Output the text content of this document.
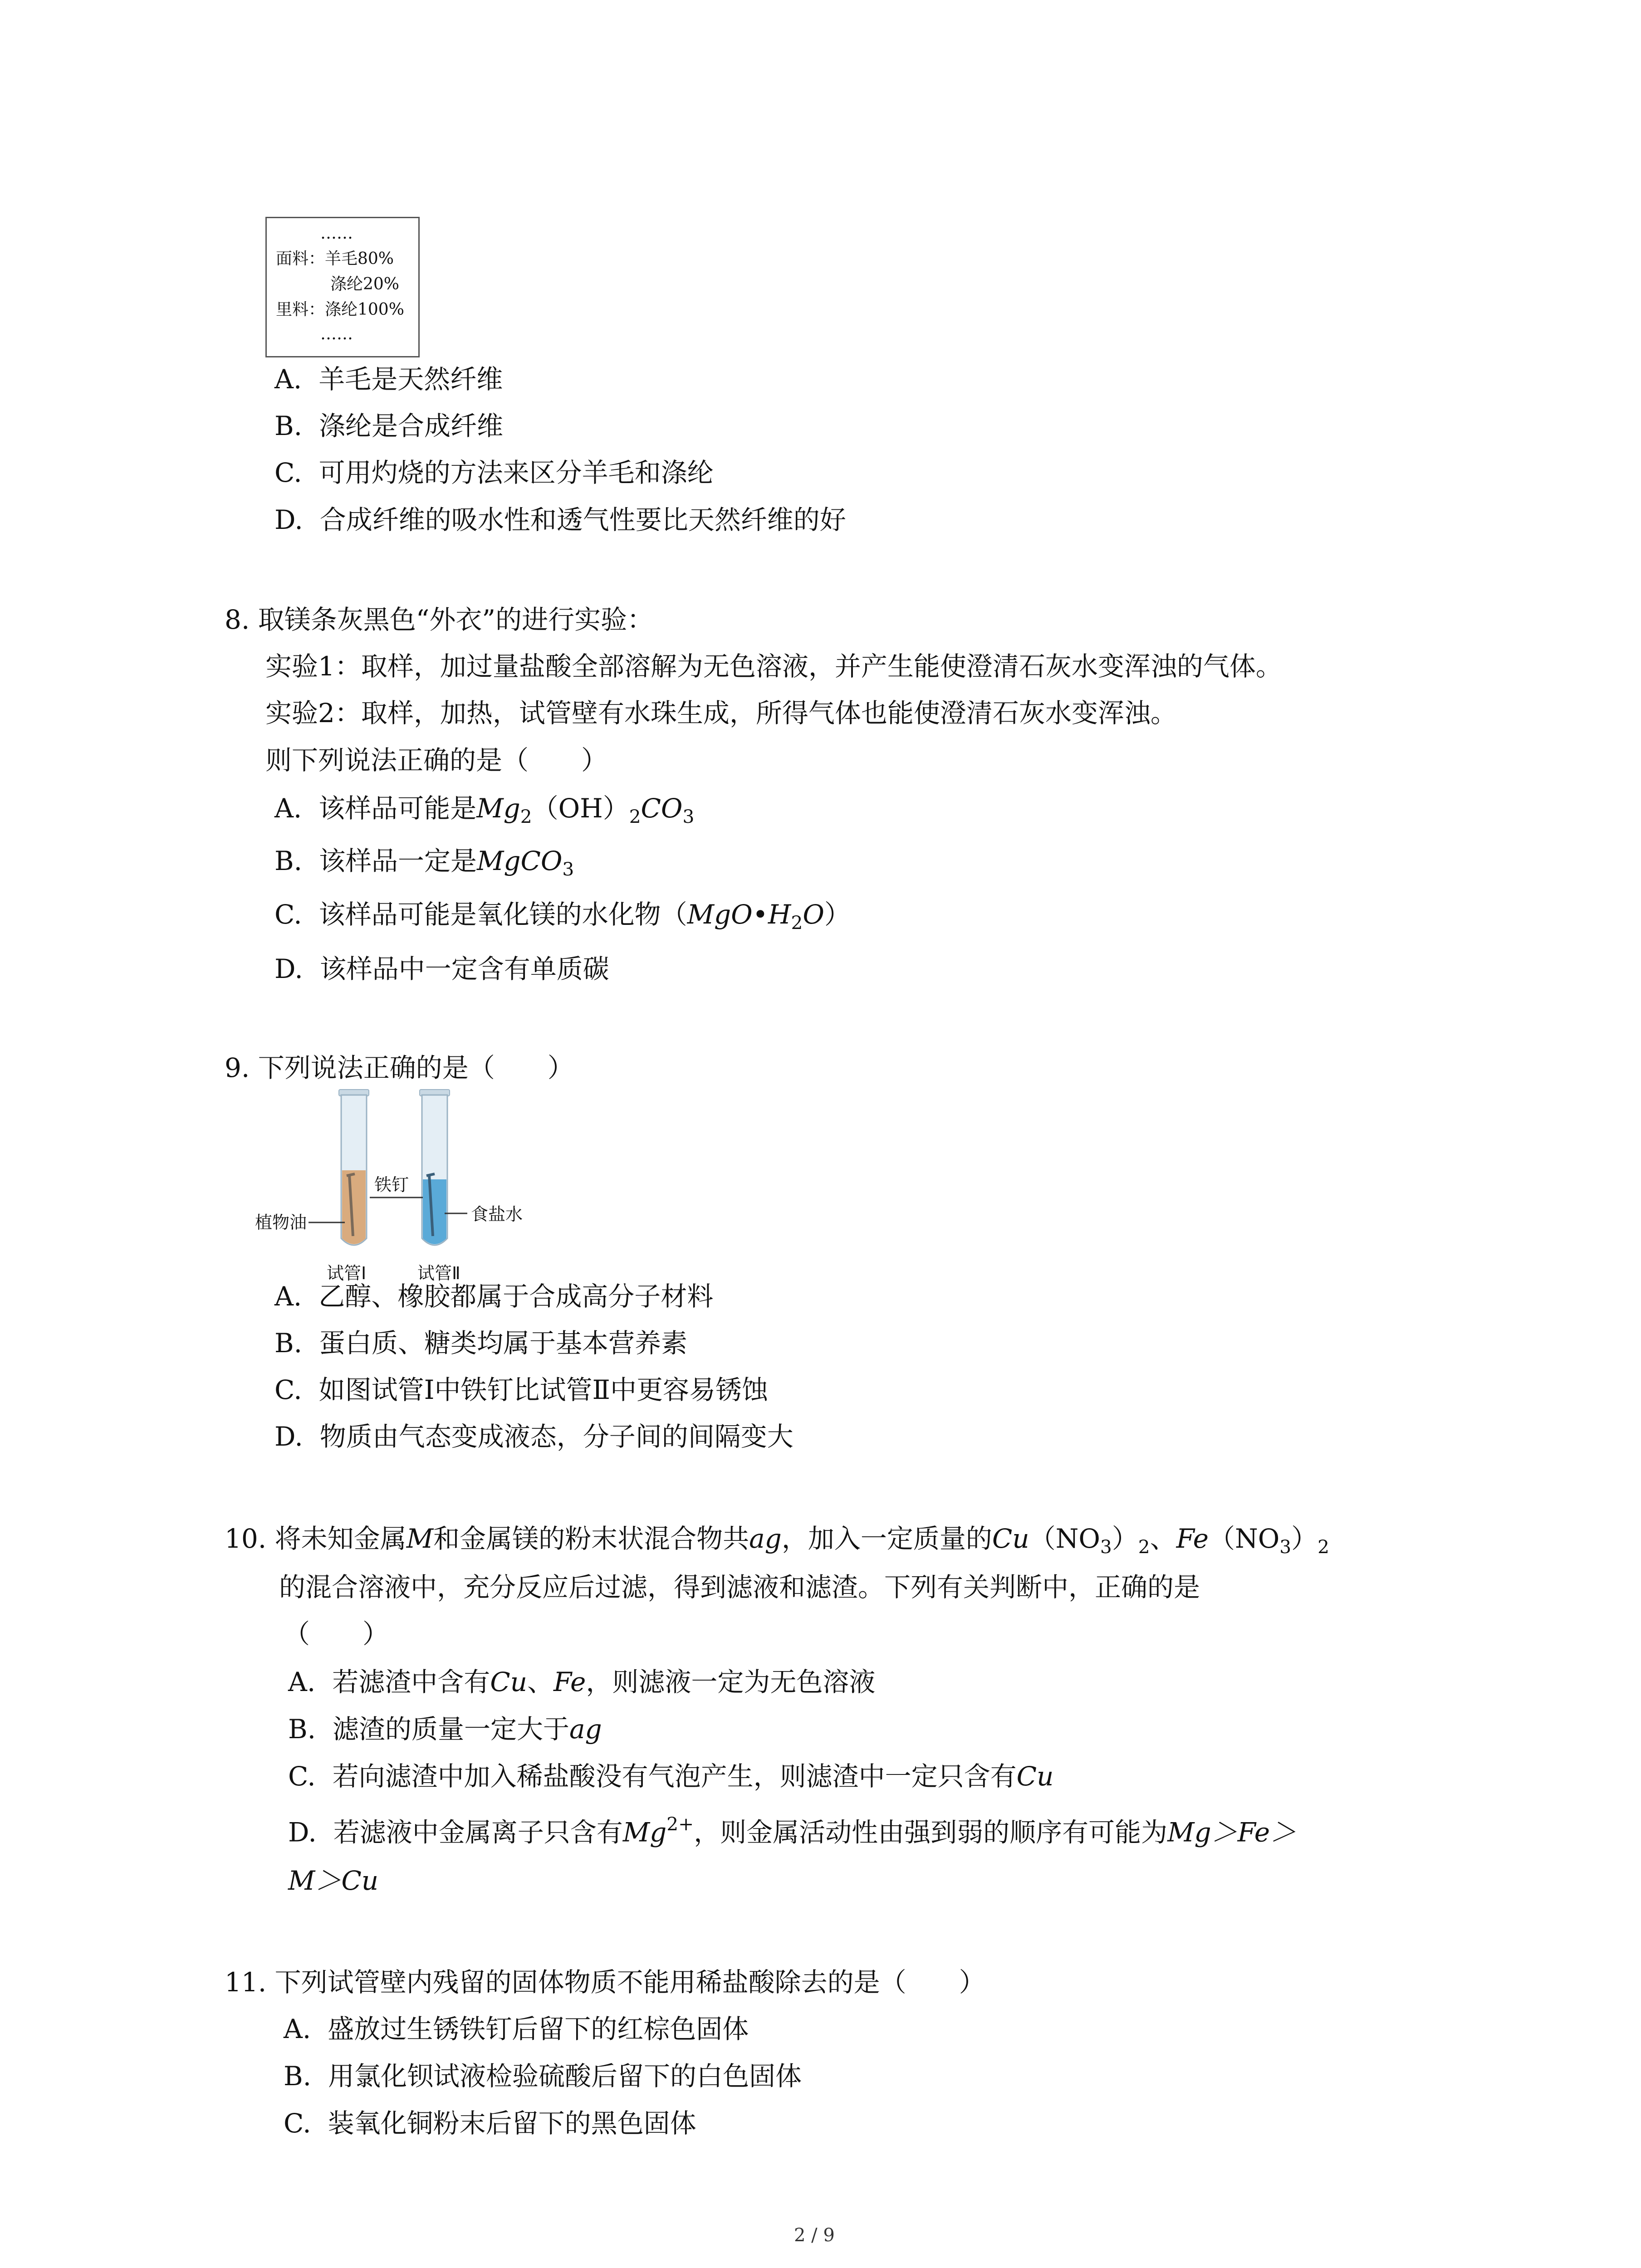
……
面料： 羊毛80%
涤纶20%
里料： 涤纶100%
……
A. 羊毛是天然纤维
B. 涤纶是合成纤维
C. 可用灼烧的方法来区分羊毛和涤纶
D. 合成纤维的吸水性和透气性要比天然纤维的好
8. 取镁条灰黑色“外衣”的进行实验：
实验1：取样，加过量盐酸全部溶解为无色溶液，并产生能使澄清石灰水变浑浊的气体。
实验2：取样，加热，试管壁有水珠生成，所得气体也能使澄清石灰水变浑浊。
则下列说法正确的是（　　）
A. 该样品可能是$Mg_2(OH)_2CO_3$
B. 该样品一定是MgCO$_3$
C. 该样品可能是氧化镁的水化物$(MgO•H_2O)$
D. 该样品中一定含有单质碳
9. 下列说法正确的是（　　）
植物油
铁钉
食盐水
试管Ⅰ	试管Ⅱ
A. 乙醇、橡胶都属于合成高分子材料
B. 蛋白质、糖类均属于基本营养素
C. 如图试管Ⅰ中铁钉比试管Ⅱ中更容易锈蚀
D. 物质由气态变成液态，分子间的间隔变大
10. 将未知金属M和金属镁的粉末状混合物共ag，加入一定质量的$Cu(NO_3)_2$、$Fe(NO_3)_2$
的混合溶液中，充分反应后过滤，得到滤液和滤渣。下列有关判断中，正确的是
（　　）
A. 若滤渣中含有Cu、Fe，则滤液一定为无色溶液
B. 滤渣的质量一定大于ag
C. 若向滤渣中加入稀盐酸没有气泡产生，则滤渣中一定只含有Cu
D. 若滤液中金属离子只含有$Mg^{2+}$，则金属活动性由强到弱的顺序有可能为Mg＞Fe＞
M＞Cu
11. 下列试管壁内残留的固体物质不能用稀盐酸除去的是（　　）
A. 盛放过生锈铁钉后留下的红棕色固体
B. 用氯化钡试液检验硫酸后留下的白色固体
C. 装氧化铜粉末后留下的黑色固体
2 / 9
